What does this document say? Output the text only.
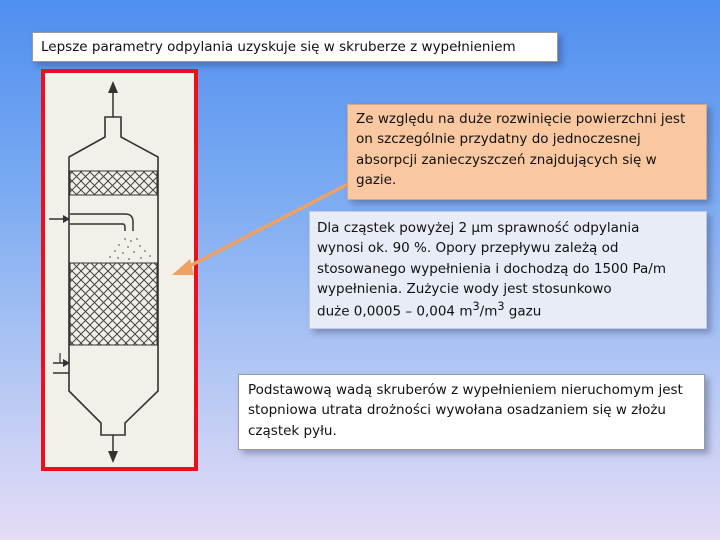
Lepsze parametry odpylania uzyskuje się w skruberze z wypełnieniem
Ze względu na duże rozwinięcie powierzchni jest on szczególnie przydatny do jednoczesnej absorpcji zanieczyszczeń znajdujących się w gazie.
Dla cząstek powyżej 2 µm sprawność odpylania
wynosi ok. 90 %. Opory przepływu zależą od
stosowanego wypełnienia i dochodzą do 1500 Pa/m
wypełnienia. Zużycie wody jest stosunkowo
duże 0,0005 – 0,004 $m^3/m^3$ gazu
Podstawową wadą skruberów z wypełnieniem nieruchomym jest stopniowa utrata drożności wywołana osadzaniem się w złożu cząstek pyłu.
